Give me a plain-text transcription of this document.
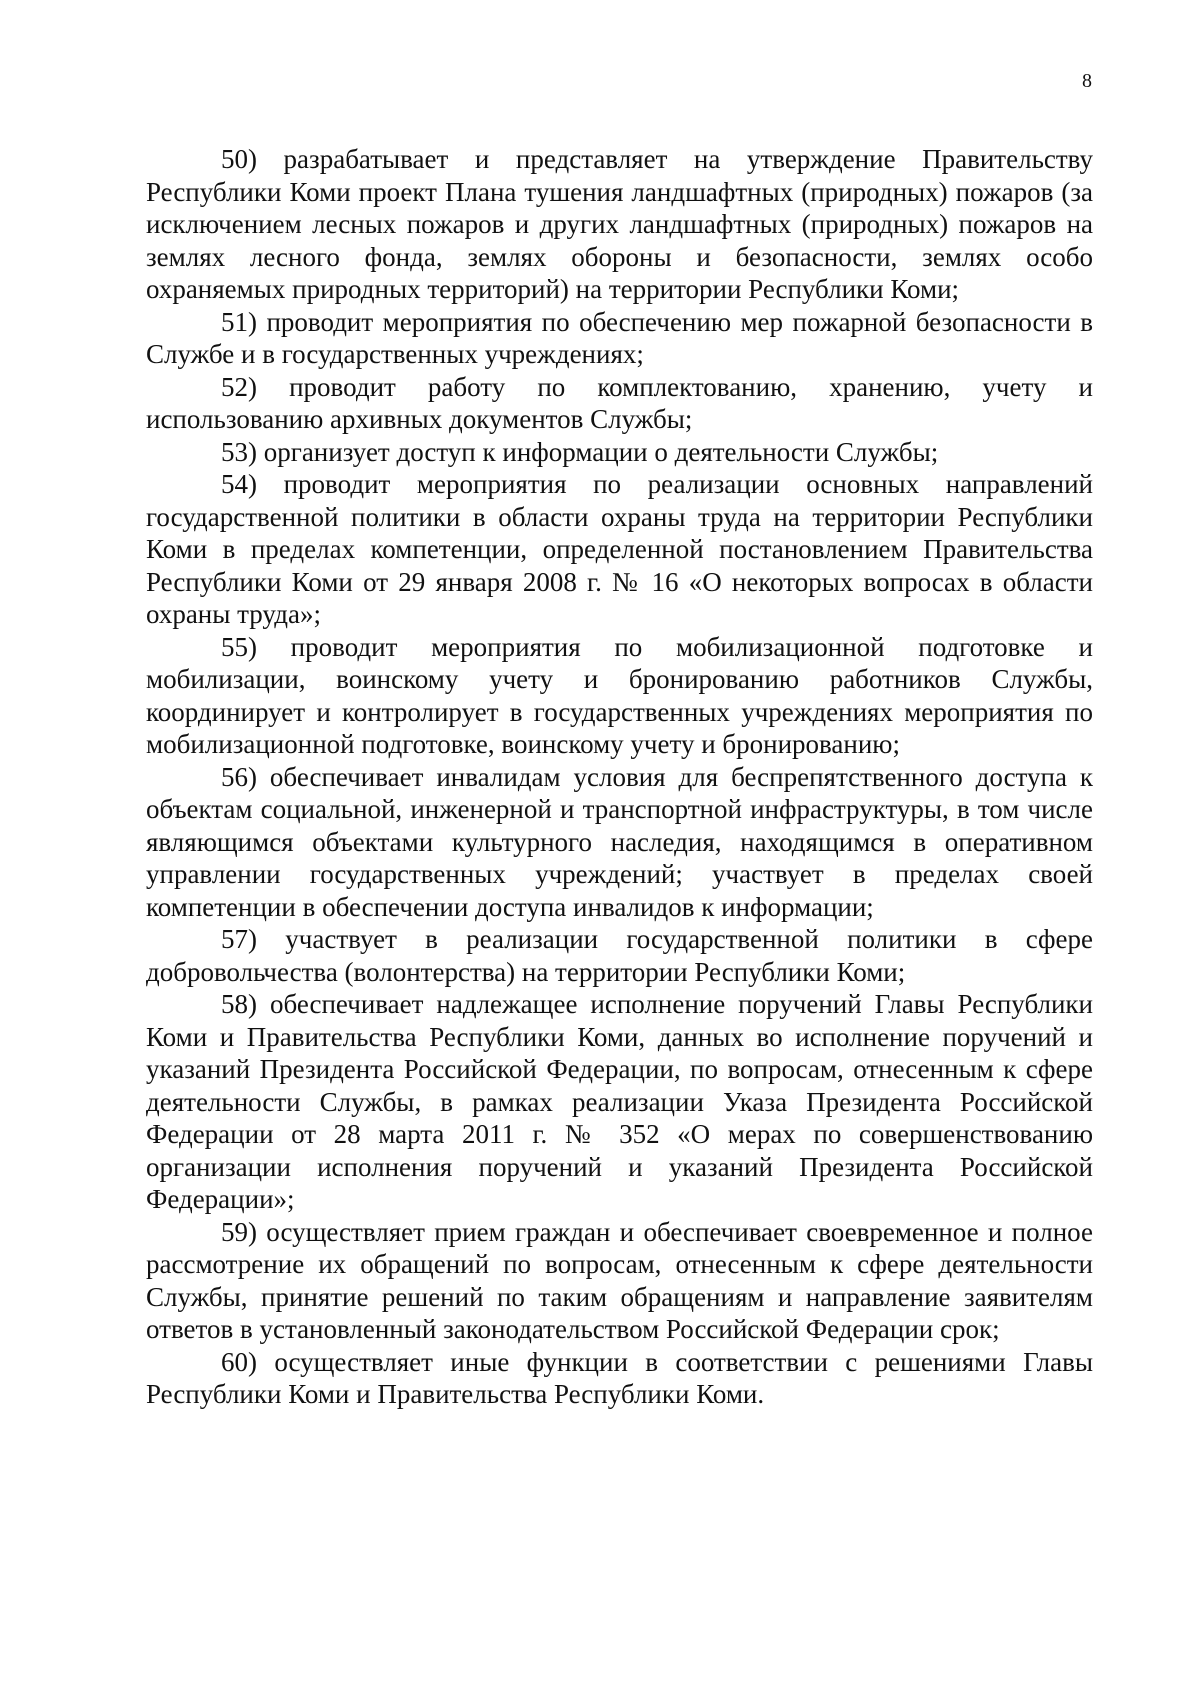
8

50) разрабатывает и представляет на утверждение Правительству Республики Коми проект Плана тушения ландшафтных (природных) пожаров (за исключением лесных пожаров и других ландшафтных (природных) пожаров на землях лесного фонда, землях обороны и безопасности, землях особо охраняемых природных территорий) на территории Республики Коми;

51) проводит мероприятия по обеспечению мер пожарной безопасности в Службе и в государственных учреждениях;

52) проводит работу по комплектованию, хранению, учету и использованию архивных документов Службы;

53) организует доступ к информации о деятельности Службы;

54) проводит мероприятия по реализации основных направлений государственной политики в области охраны труда на территории Республики Коми в пределах компетенции, определенной постановлением Правительства Республики Коми от 29 января 2008 г. № 16 «О некоторых вопросах в области охраны труда»;

55) проводит мероприятия по мобилизационной подготовке и мобилизации, воинскому учету и бронированию работников Службы, координирует и контролирует в государственных учреждениях мероприятия по мобилизационной подготовке, воинскому учету и бронированию;

56) обеспечивает инвалидам условия для беспрепятственного доступа к объектам социальной, инженерной и транспортной инфраструктуры, в том числе являющимся объектами культурного наследия, находящимся в оперативном управлении государственных учреждений; участвует в пределах своей компетенции в обеспечении доступа инвалидов к информации;

57) участвует в реализации государственной политики в сфере добровольчества (волонтерства) на территории Республики Коми;

58) обеспечивает надлежащее исполнение поручений Главы Республики Коми и Правительства Республики Коми, данных во исполнение поручений и указаний Президента Российской Федерации, по вопросам, отнесенным к сфере деятельности Службы, в рамках реализации Указа Президента Российской Федерации от 28 марта 2011 г. № 352 «О мерах по совершенствованию организации исполнения поручений и указаний Президента Российской Федерации»;

59) осуществляет прием граждан и обеспечивает своевременное и полное рассмотрение их обращений по вопросам, отнесенным к сфере деятельности Службы, принятие решений по таким обращениям и направление заявителям ответов в установленный законодательством Российской Федерации срок;

60) осуществляет иные функции в соответствии с решениями Главы Республики Коми и Правительства Республики Коми.
